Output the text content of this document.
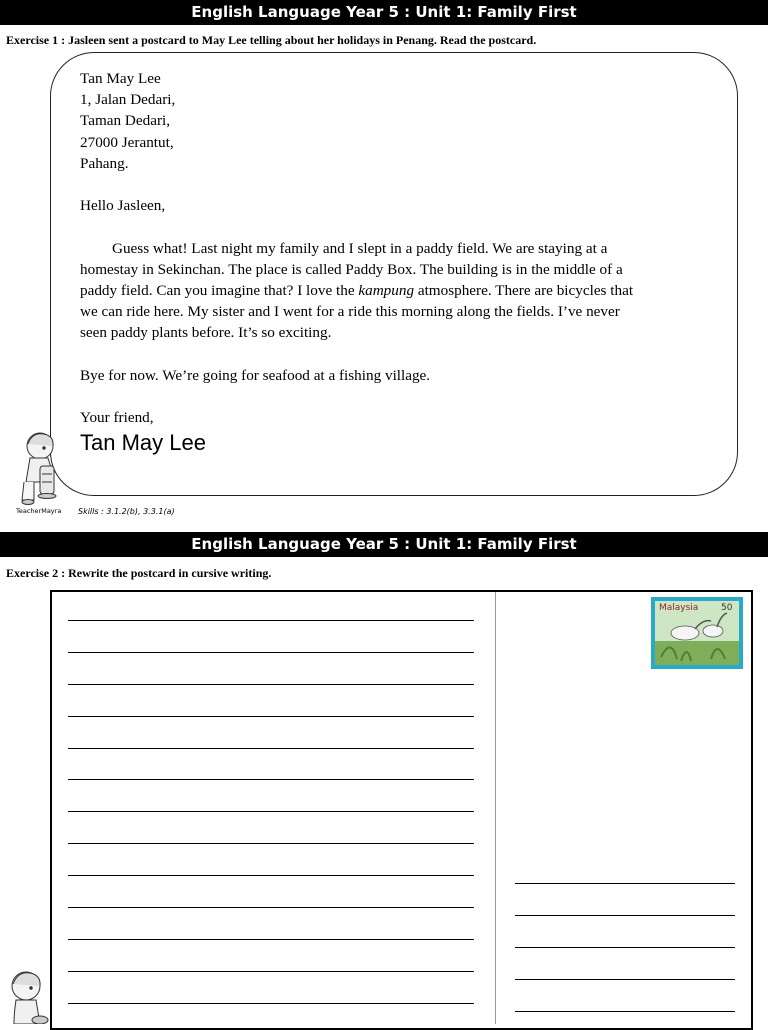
English Language Year 5 : Unit 1: Family First
Exercise 1 : Jasleen sent a postcard to May Lee telling about her holidays in Penang. Read the postcard.

Tan May Lee

1, Jalan Dedari,

Taman Dedari,

27000 Jerantut,

Pahang.

Hello Jasleen,

Guess what! Last night my family and I slept in a paddy field. We are staying at a homestay in Sekinchan. The place is called Paddy Box. The building is in the middle of a paddy field. Can you imagine that? I love the kampung atmosphere. There are bicycles that we can ride here. My sister and I went for a ride this morning along the fields. I’ve never seen paddy plants before. It’s so exciting.

Bye for now. We’re going for seafood at a fishing village.

Your friend,

Tan May Lee

TeacherMayra Skills : 3.1.2(b), 3.3.1(a)
English Language Year 5 : Unit 1: Family First
Exercise 2 : Rewrite the postcard in cursive writing.
Malaysia	50
